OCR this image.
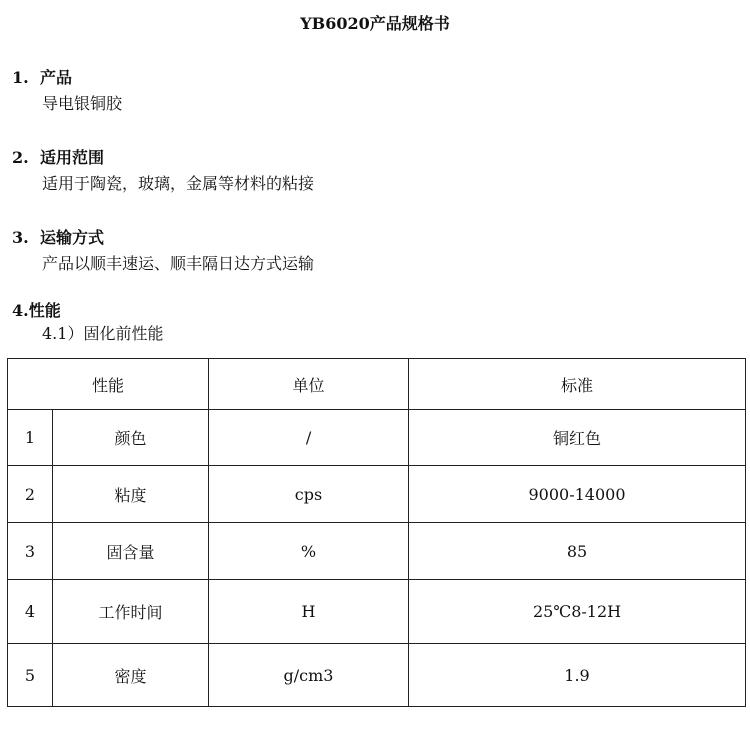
YB6020产品规格书
1. 产品
导电银铜胶
2. 适用范围
适用于陶瓷，玻璃，金属等材料的粘接
3. 运输方式
产品以顺丰速运、顺丰隔日达方式运输
4.性能
4.1）固化前性能
性能		单位	标准
1	颜色	/	铜红色
2	粘度	cps	9000-14000
3	固含量	%	85
4	工作时间	H	25℃8-12H
5	密度	g/cm3	1.9
